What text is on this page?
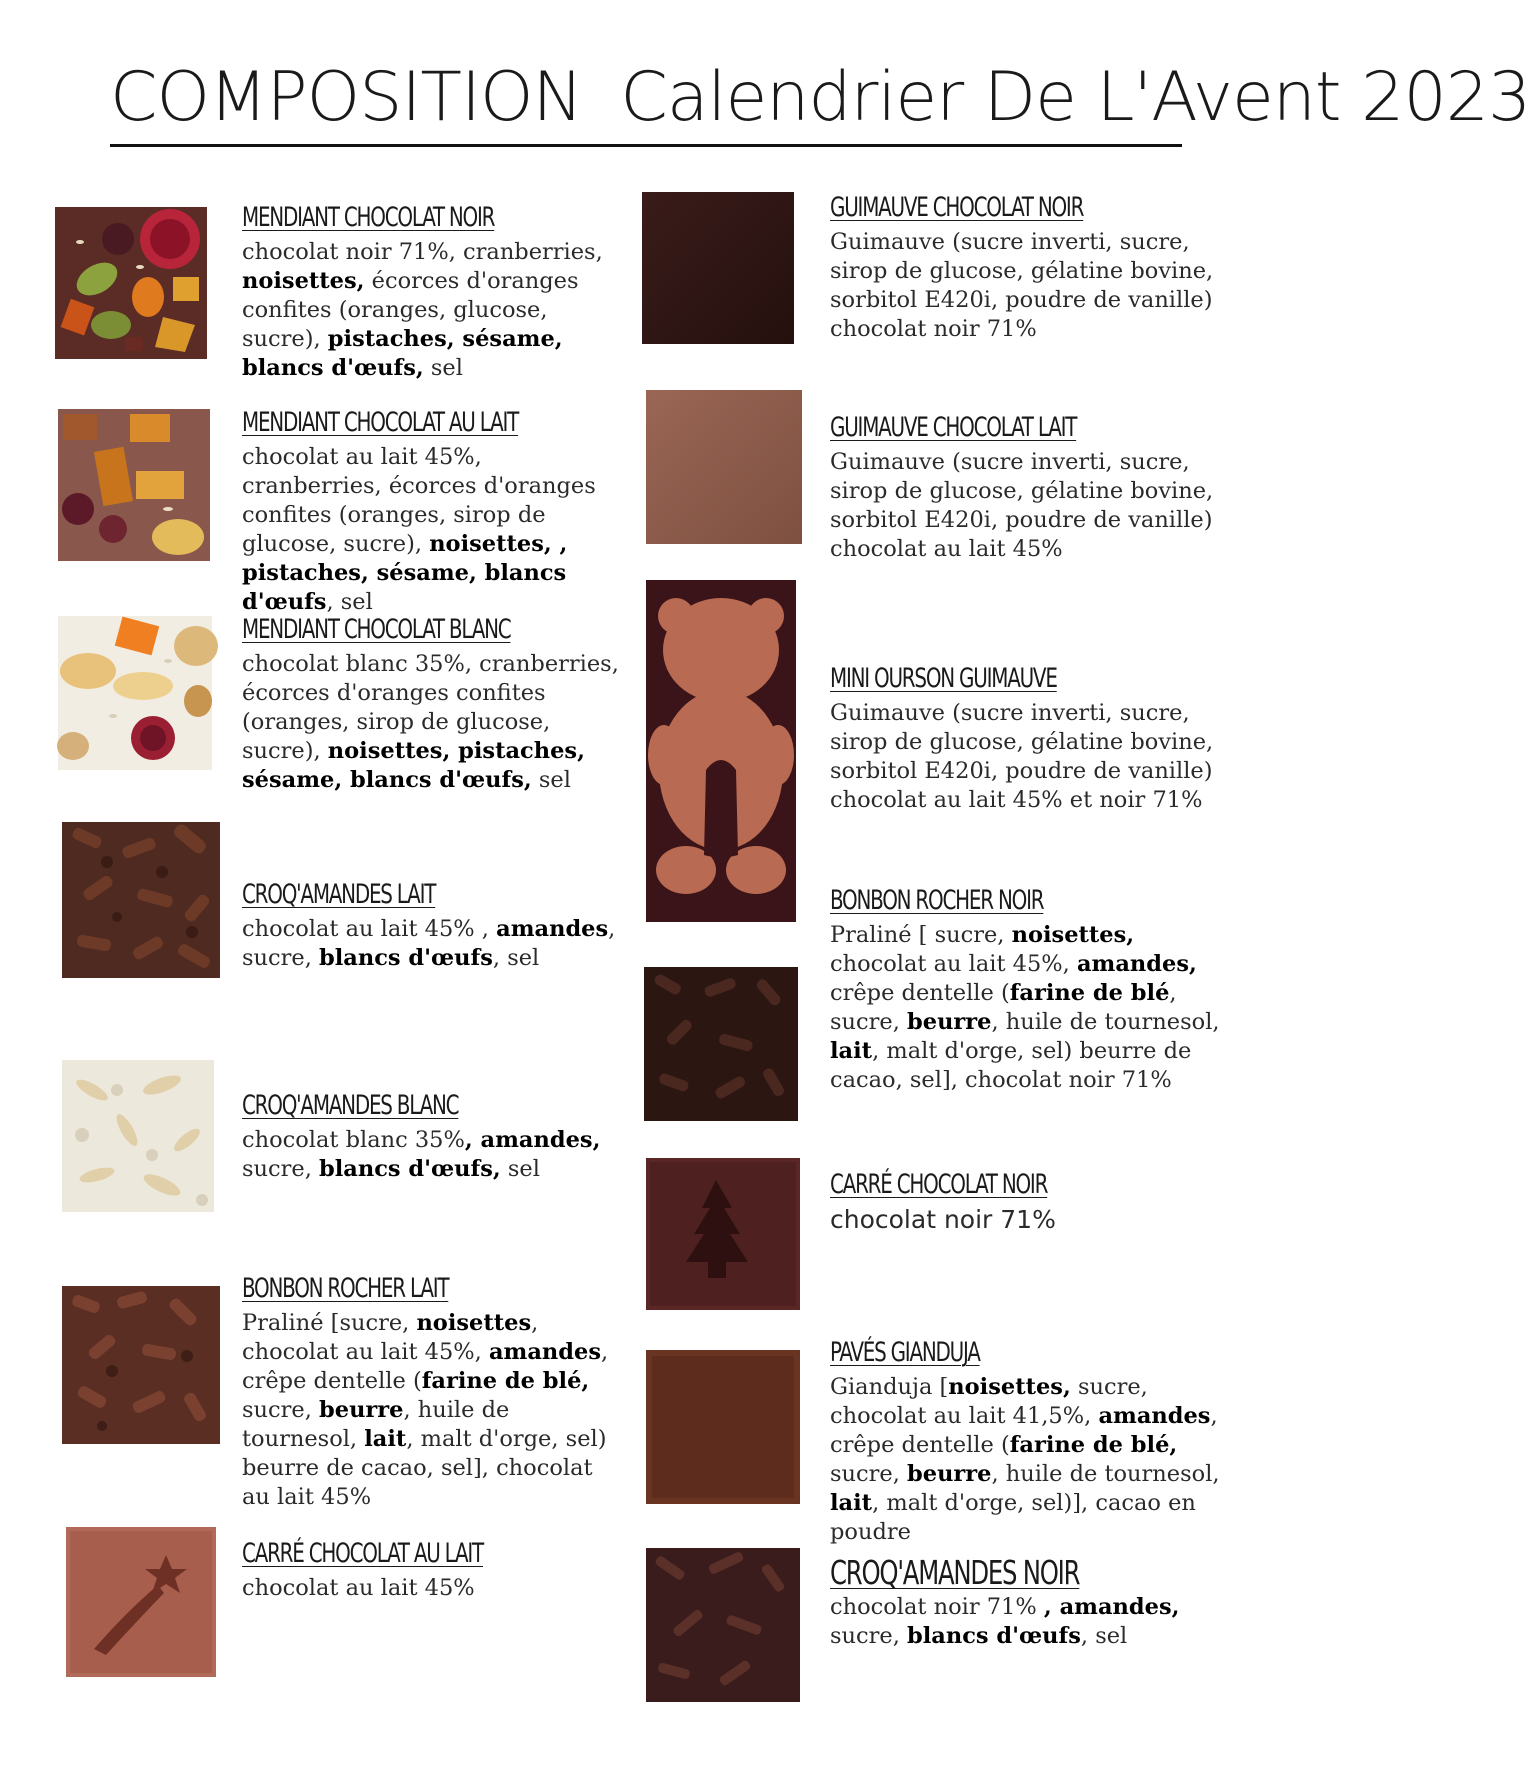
COMPOSITION Calendrier De L'Avent 2023
MENDIANT CHOCOLAT NOIR
chocolat noir 71%, cranberries, noisettes, écorces d'oranges confites (oranges, glucose, sucre), pistaches, sésame, blancs d'œufs, sel
MENDIANT CHOCOLAT AU LAIT
chocolat au lait 45%, cranberries, écorces d'oranges confites (oranges, sirop de glucose, sucre), noisettes, , pistaches, sésame, blancs d'œufs, sel
MENDIANT CHOCOLAT BLANC
chocolat blanc 35%, cranberries, écorces d'oranges confites (oranges, sirop de glucose, sucre), noisettes, pistaches, sésame, blancs d'œufs, sel
CROQ'AMANDES LAIT
chocolat au lait 45% , amandes, sucre, blancs d'œufs, sel
CROQ'AMANDES BLANC
chocolat blanc 35%, amandes, sucre, blancs d'œufs, sel
BONBON ROCHER LAIT
Praliné [sucre, noisettes, chocolat au lait 45%, amandes, crêpe dentelle (farine de blé, sucre, beurre, huile de tournesol, lait, malt d'orge, sel) beurre de cacao, sel], chocolat au lait 45%
CARRÉ CHOCOLAT AU LAIT
chocolat au lait 45%
GUIMAUVE CHOCOLAT NOIR
Guimauve (sucre inverti, sucre, sirop de glucose, gélatine bovine, sorbitol E420i, poudre de vanille) chocolat noir 71%
GUIMAUVE CHOCOLAT LAIT
Guimauve (sucre inverti, sucre, sirop de glucose, gélatine bovine, sorbitol E420i, poudre de vanille) chocolat au lait 45%
MINI OURSON GUIMAUVE
Guimauve (sucre inverti, sucre, sirop de glucose, gélatine bovine, sorbitol E420i, poudre de vanille) chocolat au lait 45% et noir 71%
BONBON ROCHER NOIR
Praliné [ sucre, noisettes, chocolat au lait 45%, amandes, crêpe dentelle (farine de blé, sucre, beurre, huile de tournesol, lait, malt d'orge, sel) beurre de cacao, sel], chocolat noir 71%
CARRÉ CHOCOLAT NOIR
chocolat noir 71%
PAVÉS GIANDUJA
Gianduja [noisettes, sucre, chocolat au lait 41,5%, amandes, crêpe dentelle (farine de blé, sucre, beurre, huile de tournesol, lait, malt d'orge, sel)], cacao en poudre
CROQ'AMANDES NOIR
chocolat noir 71% , amandes, sucre, blancs d'œufs, sel
